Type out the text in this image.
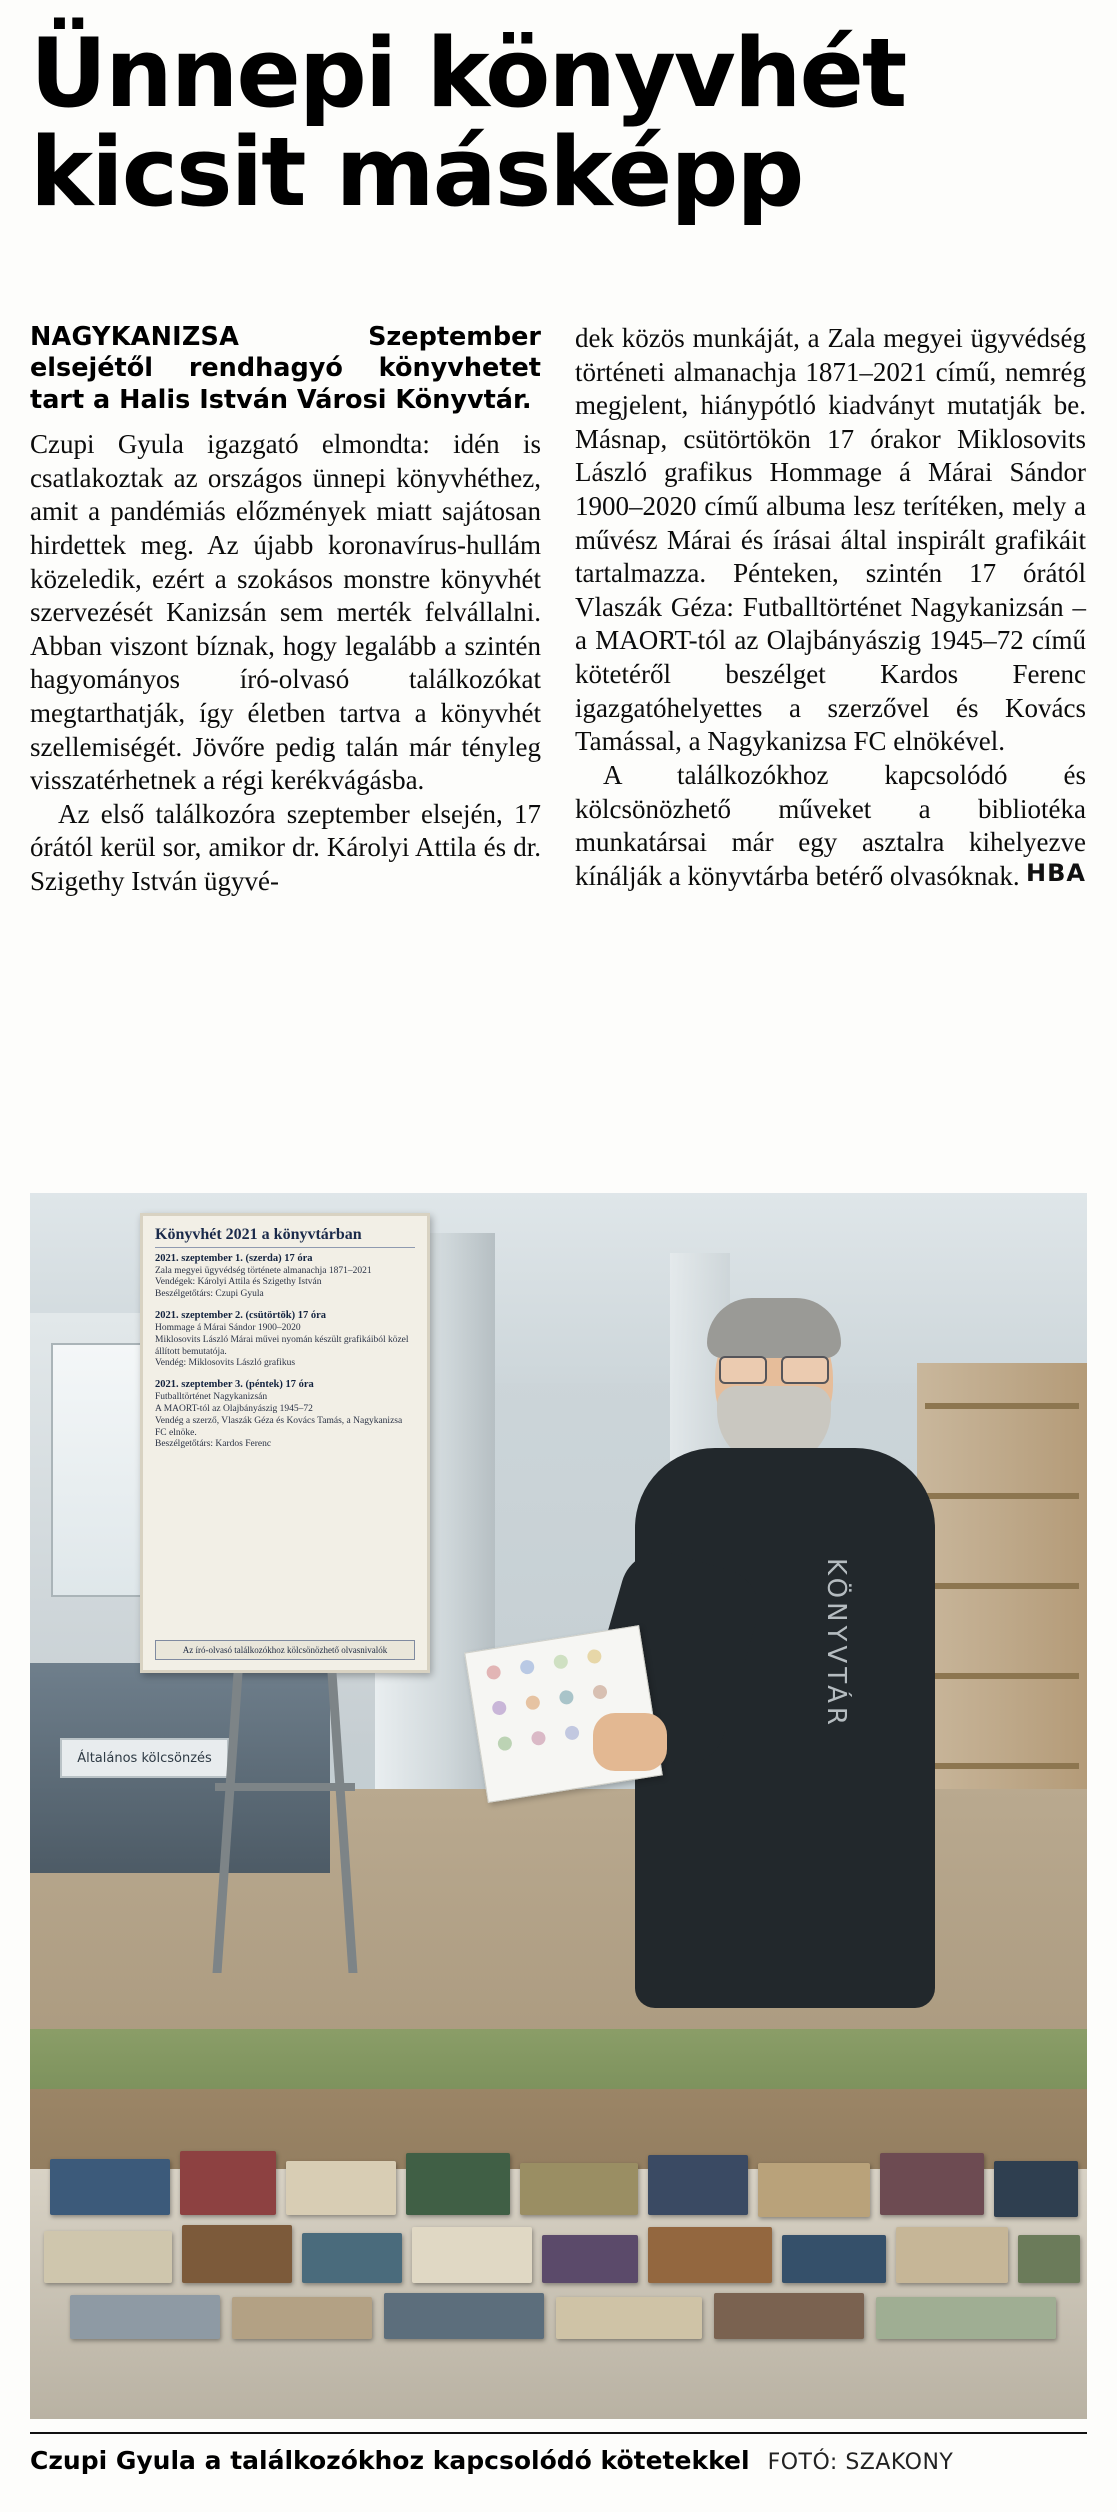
Ünnepi könyvhét
kicsit másképp

NAGYKANIZSA Szeptember elsejétől rendhagyó könyvhetet tart a Halis István Városi Könyvtár.

Czupi Gyula igazgató elmondta: idén is csatlakoztak az országos ünnepi könyvhéthez, amit a pandémiás előzmények miatt sajátosan hirdettek meg. Az újabb koronavírus-hullám közeledik, ezért a szokásos monstre könyvhét szervezését Kanizsán sem merték felvállalni. Abban viszont bíznak, hogy legalább a szintén hagyományos író-olvasó találkozókat megtarthatják, így életben tartva a könyvhét szellemiségét. Jövőre pedig talán már tényleg visszatérhetnek a régi kerékvágásba.

Az első találkozóra szeptember elsején, 17 órától kerül sor, amikor dr. Károlyi Attila és dr. Szigethy István ügyvé-

dek közös munkáját, a Zala megyei ügyvédség történeti almanachja 1871–2021 című, nemrég megjelent, hiánypótló kiadványt mutatják be. Másnap, csütörtökön 17 órakor Miklosovits László grafikus Hommage á Márai Sándor 1900–2020 című albuma lesz terítéken, mely a művész Márai és írásai által inspirált grafikáit tartalmazza. Pénteken, szintén 17 órától Vlaszák Géza: Futballtörténet Nagykanizsán – a MAORT-tól az Olajbányászig 1945–72 című kötetéről beszélget Kardos Ferenc igazgatóhelyettes a szerzővel és Kovács Tamással, a Nagykanizsa FC elnökével.

A találkozókhoz kapcsolódó és kölcsönözhető műveket a bibliotéka munkatársai már egy asztalra kihelyezve kínálják a könyvtárba betérő olvasóknak. HBA
Általános kölcsönzés
Könyvhét 2021 a könyvtárban
2021. szeptember 1. (szerda) 17 óra
Zala megyei ügyvédség története almanachja 1871–2021
Vendégek: Károlyi Attila és Szigethy István
Beszélgetőtárs: Czupi Gyula
2021. szeptember 2. (csütörtök) 17 óra
Hommage á Márai Sándor 1900–2020
Miklosovits László Márai művei nyomán készült grafikáiból közel állított bemutatója.
Vendég: Miklosovits László grafikus
2021. szeptember 3. (péntek) 17 óra
Futballtörténet Nagykanizsán
A MAORT-tól az Olajbányászig 1945–72
Vendég a szerző, Vlaszák Géza és Kovács Tamás, a Nagykanizsa FC elnöke.
Beszélgetőtárs: Kardos Ferenc
Az író-olvasó találkozókhoz kölcsönözhető olvasnivalók	KÖNYVTÁR
Czupi Gyula a találkozókhoz kapcsolódó kötetekkel FOTÓ: SZAKONY
